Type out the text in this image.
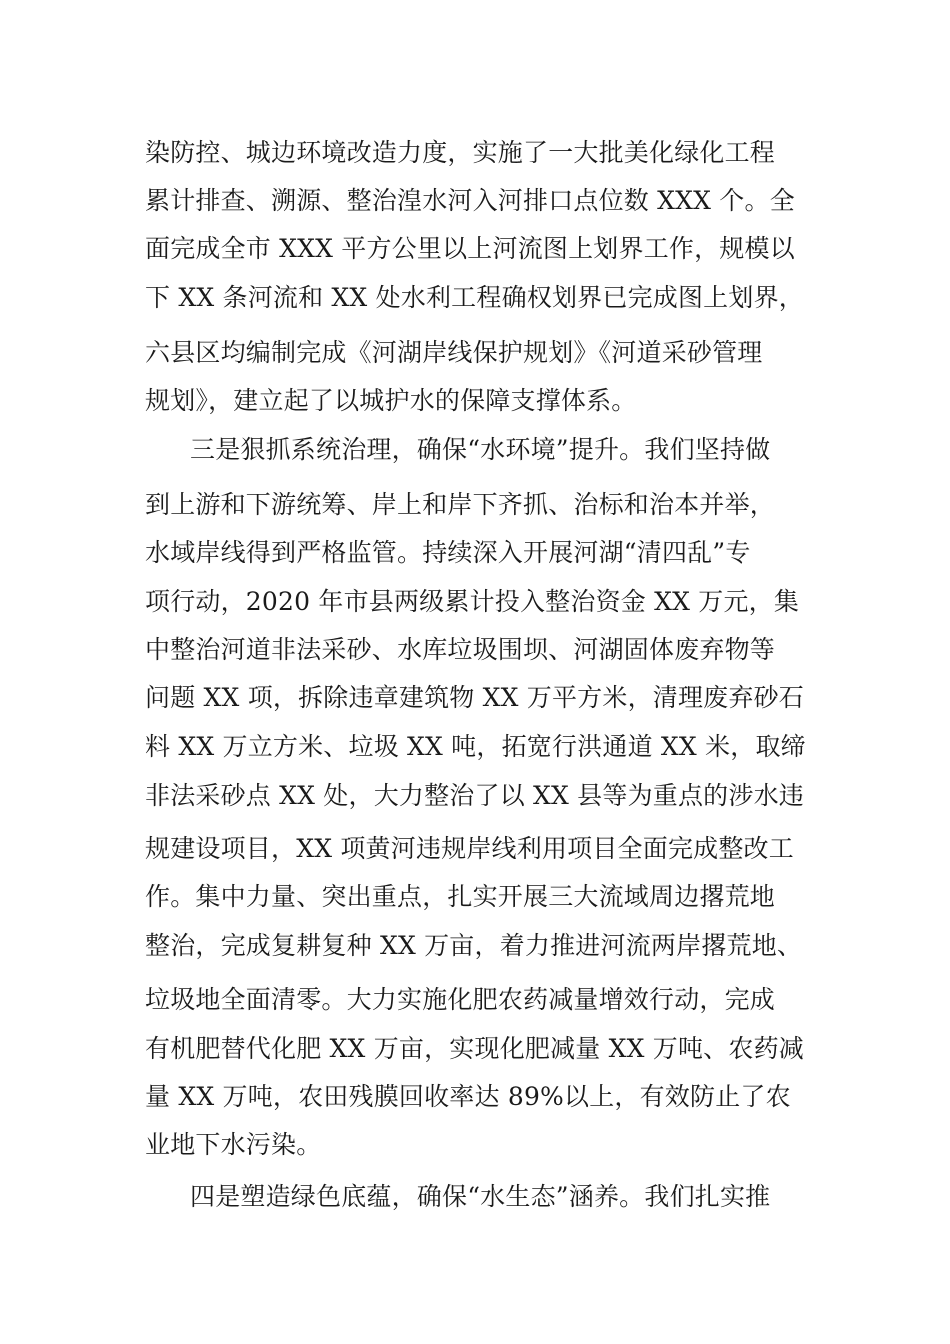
染防控、城边环境改造力度，实施了一大批美化绿化工程
累计排查、溯源、整治湟水河入河排口点位数 XXX 个。全
面完成全市 XXX 平方公里以上河流图上划界工作，规模以
下 XX 条河流和 XX 处水利工程确权划界已完成图上划界，
六县区均编制完成《河湖岸线保护规划》《河道采砂管理
规划》，建立起了以城护水的保障支撑体系。
三是狠抓系统治理，确保“水环境”提升。我们坚持做
到上游和下游统筹、岸上和岸下齐抓、治标和治本并举，
水域岸线得到严格监管。持续深入开展河湖“清四乱”专
项行动，2020 年市县两级累计投入整治资金 XX 万元，集
中整治河道非法采砂、水库垃圾围坝、河湖固体废弃物等
问题 XX 项，拆除违章建筑物 XX 万平方米，清理废弃砂石
料 XX 万立方米、垃圾 XX 吨，拓宽行洪通道 XX 米，取缔
非法采砂点 XX 处，大力整治了以 XX 县等为重点的涉水违
规建设项目，XX 项黄河违规岸线利用项目全面完成整改工
作。集中力量、突出重点，扎实开展三大流域周边撂荒地
整治，完成复耕复种 XX 万亩，着力推进河流两岸撂荒地、
垃圾地全面清零。大力实施化肥农药减量增效行动，完成
有机肥替代化肥 XX 万亩，实现化肥减量 XX 万吨、农药减
量 XX 万吨，农田残膜回收率达 89%以上，有效防止了农
业地下水污染。
四是塑造绿色底蕴，确保“水生态”涵养。我们扎实推
